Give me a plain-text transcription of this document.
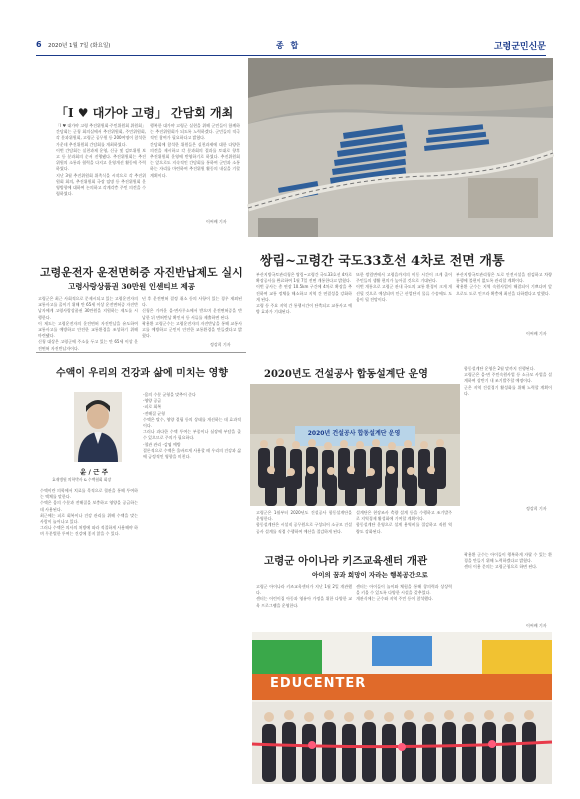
6 2020년 1월 7일 (화요일)	종 합	고령군민신문
「I ♥ 대가야 고령」 간담회 개최
「I ♥ 대가야 고령 추진위원회·주민위원회 위원회」 간담회는 군청 회의실에서 추진위원회, 주민위원회, 각 분과위원회, 고령군 공무원 등 200여명이 참석한 가운데 추진위원회 간담회를 개최하였다.
이번 간담회는 실천과제 운영, 신규 및 검토위원 보고 등 분과회의 순서 진행됐다. 추진위원회는 추진위원의 소통과 협력을 다지고 운영개선 활동에 주력하였다.
지난 3월 추진위원회 위촉식을 시작으로 각 추진위원회 회의, 추진위원회 국장 임명 등 추진위원회 운영방향에 대하여 논의하고 각계각층 주민 의견을 수렴하였다.
행복한 대가야 고령군 실현을 위해 군민들이 함께하는 추진위원회가 되도록 노력하겠다. 군민들의 적극적인 참여가 필요하다고 밝혔다.
간담회에 참석한 위원들은 실천과제에 대한 다양한 의견을 제시하고 각 분과회의 결과를 토대로 향후 추진위원회 운영에 반영하기로 하였다. 추진위원회는 앞으로도 지속적인 간담회를 통하여 군민과 소통하는 자리를 마련하여 추진위원 활동의 내실을 기할 계획이다.
이씨배 기자
쌍림~고령간 국도33호선 4차로 전면 개통
부산지방국토관리청은 쌍림~고령간 국도33호선 4차로 확장공사를 완료하여 1월 7일 전면 개통한다고 밝혔다.
이번 공사는 총 연장 10.5km 구간에 4차로 확장을 추진하여 교통 정체를 해소하고 지역 간 연결성을 강화하게 된다.
고령 등 주요 지역 간 통행시간이 단축되고 교통사고 예방 효과가 기대된다.
또한 쌍림면에서 고령읍까지의 이동 시간이 크게 줄어 주민들의 생활 편의가 높아질 것으로 기대된다.
이번 개통으로 고령군 관내 국도의 교통 환경이 크게 개선될 것으로 예상되며 인근 산업단지 물류 수송에도 도움이 될 전망이다.
부산지방국토관리청은 도로 안전시설을 점검하고 차량 통행에 불편이 없도록 관리할 계획이다.
곽용환 군수는 지역 숙원사업이 해결되어 기쁘다며 앞으로도 도로 인프라 확충에 최선을 다하겠다고 말했다.
이씨배 기자
고령운전자 운전면허증 자진반납제도 실시
고령사랑상품권 30만원 인센티브 제공
고령군은 최근 사회적으로 문제시되고 있는 고령운전자의 교통사고를 줄이기 위해 만 65세 이상 운전면허증 자진반납자에게 고령사랑상품권 30만원을 지원하는 제도를 시행한다.
이 제도는 고령운전자의 운전면허 자진반납을 유도하여 교통사고를 예방하고 안전한 교통환경을 조성하기 위해 마련됐다.
신청 대상은 고령군에 주소를 두고 있는 만 65세 이상 운전면허 자진반납자이다.
년 후 운전면허 결정 취소 등의 사항이 있는 경우 제외된다.
신청은 가까운 읍·면사무소에서 받으며 운전면허증을 반납한 뒤 면허반납 확인서 등 서류를 제출하면 된다.
곽용환 고령군수는 고령운전자의 자진반납을 통해 교통사고를 예방하고 군민이 안전한 교통환경을 만들겠다고 밝혔다.
정강희 기자
2020년도 건설공사 합동설계단 운영
2020년 건설공사 합동설계단 운영
합동설계단 운영은 2월 말까지 진행된다.
고령군은 읍·면 주민숙원사업 등 소규모 사업을 설계하여 상반기 내 조기발주할 예정이다.
군은 지역 건설경기 활성화를 위해 노력할 계획이다.
고령군은 1월부터 2020년도 건설공사 합동설계단을 운영한다.
합동설계단은 시설직 공무원으로 구성되어 소규모 건설공사 설계를 직접 수행하여 예산을 절감하게 된다.
설계단은 현장조사 측량 설계 등을 수행하고 조기발주로 지역경제 활성화에 기여할 계획이다.
합동설계단 운영으로 설계 용역비를 절감하고 직원 역량도 강화된다.
정강희 기자
수액이 우리의 건강과 삶에 미치는 영향
윤 / 근 주
효재병원 의학박사 & 수액협회 회장
수액이란 의학에서 치료를 목적으로 혈관을 통해 투여하는 액체를 말한다.
수액은 몸의 수분과 전해질을 보충하고 영양을 공급하는 데 사용된다.
최근에는 피로 회복이나 건강 관리를 위해 수액을 맞는 사람이 늘어나고 있다.
그러나 수액은 의사의 처방에 따라 적절하게 사용해야 하며 무분별한 투여는 건강에 좋지 않을 수 있다.
-몸의 수분 균형을 맞추어 준다
-영양 공급
-피로 회복
-전해질 균형
수액은 탈수, 영양 결핍 등의 상태를 개선하는 데 효과적이다.
그러나 과다한 수액 투여는 부종이나 심장에 부담을 줄 수 있으므로 주의가 필요하다.
-혈관 관리 -감염 예방
결론적으로 수액은 올바르게 사용할 때 우리의 건강과 삶에 긍정적인 영향을 미친다.
고령군 아이나라 키즈교육센터 개관
아이의 꿈과 희망이 자라는 행복공간으로
고령군 아이나라 키즈교육센터가 지난 1월 2일 개관했다.
센터는 어린이집 아동과 영유아 가정을 위한 다양한 교육 프로그램을 운영한다.
센터는 아이들이 놀이와 체험을 통해 창의력과 상상력을 키울 수 있도록 다양한 시설을 갖추었다.
개관식에는 군수와 지역 주민 등이 참석했다.
곽용환 군수는 아이들이 행복하게 자랄 수 있는 환경을 만들기 위해 노력하겠다고 밝혔다.
센터 이용 문의는 고령군청으로 하면 된다.
이씨배 기자
EDUCENTER
